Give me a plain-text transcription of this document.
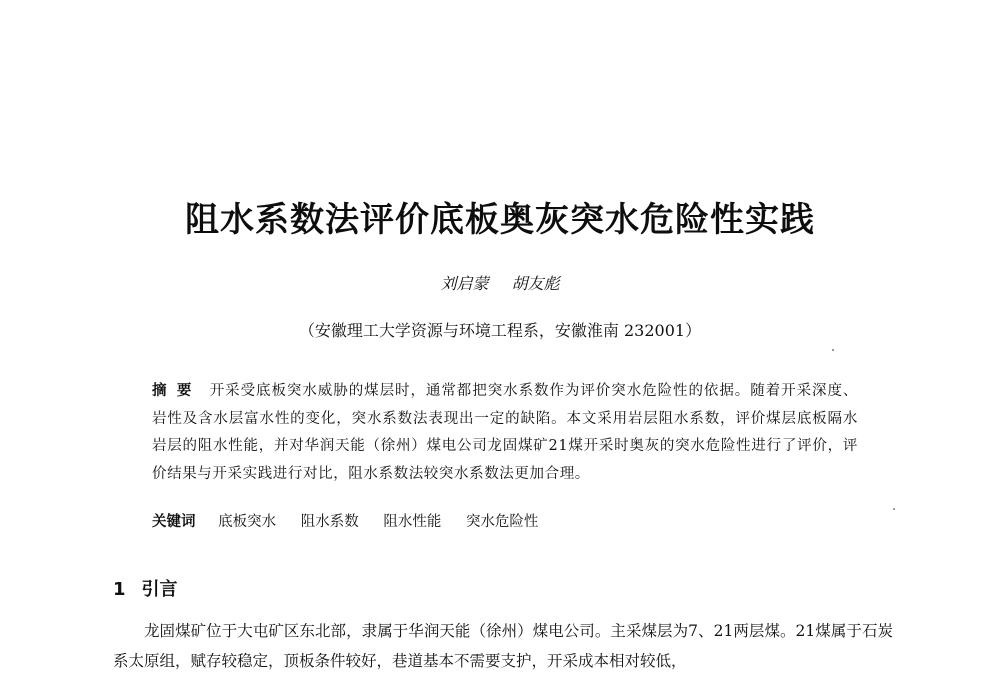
阻水系数法评价底板奥灰突水危险性实践
刘启蒙 胡友彪
（安徽理工大学资源与环境工程系，安徽淮南 232001）
摘要 开采受底板突水威胁的煤层时，通常都把突水系数作为评价突水危险性的依据。随着开采深度、岩性及含水层富水性的变化，突水系数法表现出一定的缺陷。本文采用岩层阻水系数，评价煤层底板隔水岩层的阻水性能，并对华润天能（徐州）煤电公司龙固煤矿21煤开采时奥灰的突水危险性进行了评价，评价结果与开采实践进行对比，阻水系数法较突水系数法更加合理。
关键词 底板突水 阻水系数 阻水性能 突水危险性
1 引言

龙固煤矿位于大屯矿区东北部，隶属于华润天能（徐州）煤电公司。主采煤层为7、21两层煤。21煤属于石炭系太原组，赋存较稳定，顶板条件较好，巷道基本不需要支护，开采成本相对较低，
